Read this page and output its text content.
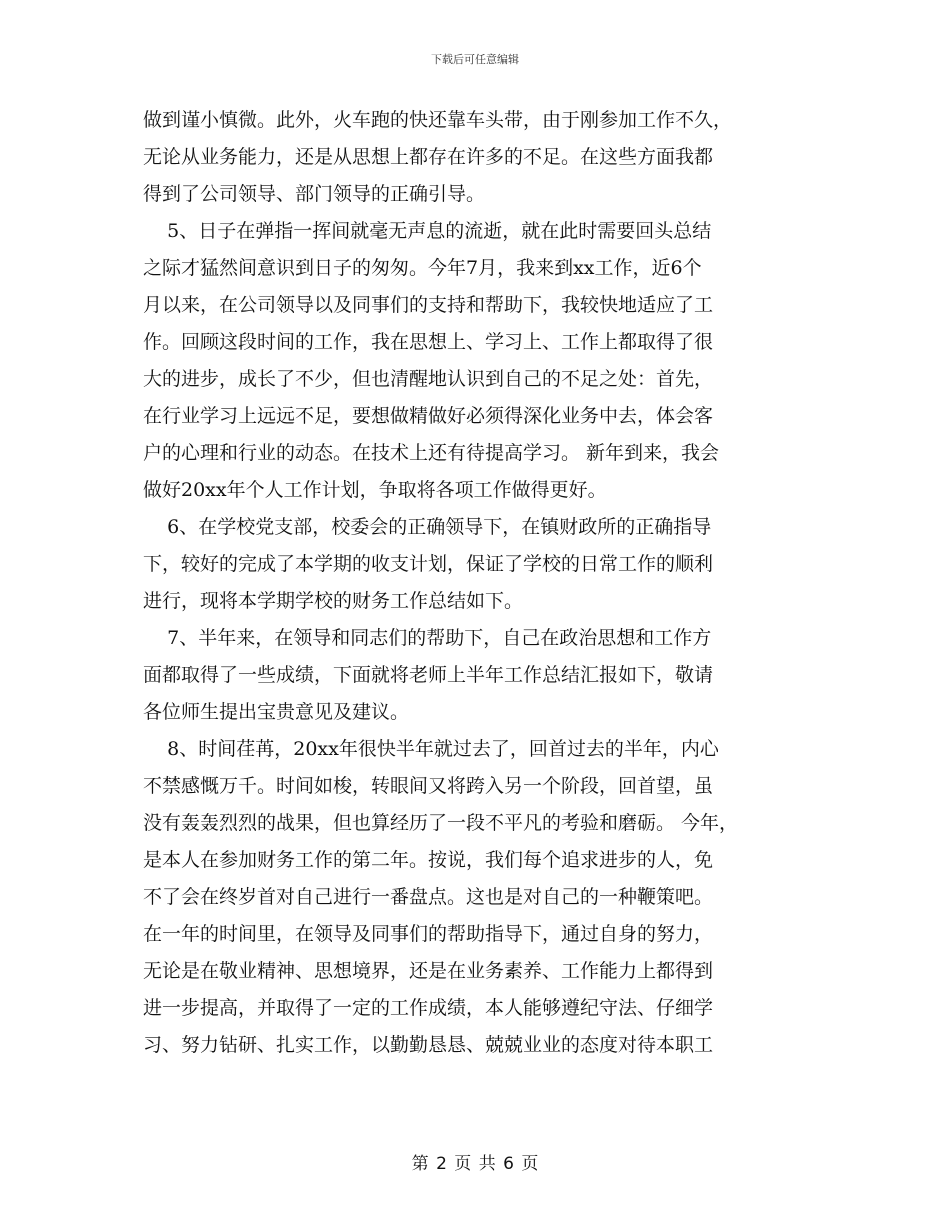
下载后可任意编辑
做到谨小慎微。此外，火车跑的快还靠车头带，由于刚参加工作不久，
无论从业务能力，还是从思想上都存在许多的不足。在这些方面我都
得到了公司领导、部门领导的正确引导。
5、日子在弹指一挥间就毫无声息的流逝，就在此时需要回头总结
之际才猛然间意识到日子的匆匆。今年7月，我来到xx工作，近6个
月以来，在公司领导以及同事们的支持和帮助下，我较快地适应了工
作。回顾这段时间的工作，我在思想上、学习上、工作上都取得了很
大的进步，成长了不少，但也清醒地认识到自己的不足之处：首先，
在行业学习上远远不足，要想做精做好必须得深化业务中去，体会客
户的心理和行业的动态。在技术上还有待提高学习。 新年到来，我会
做好20xx年个人工作计划，争取将各项工作做得更好。
6、在学校党支部，校委会的正确领导下，在镇财政所的正确指导
下，较好的完成了本学期的收支计划，保证了学校的日常工作的顺利
进行，现将本学期学校的财务工作总结如下。
7、半年来，在领导和同志们的帮助下，自己在政治思想和工作方
面都取得了一些成绩，下面就将老师上半年工作总结汇报如下，敬请
各位师生提出宝贵意见及建议。
8、时间荏苒，20xx年很快半年就过去了，回首过去的半年，内心
不禁感慨万千。时间如梭，转眼间又将跨入另一个阶段，回首望，虽
没有轰轰烈烈的战果，但也算经历了一段不平凡的考验和磨砺。 今年，
是本人在参加财务工作的第二年。按说，我们每个追求进步的人，免
不了会在终岁首对自己进行一番盘点。这也是对自己的一种鞭策吧。
在一年的时间里，在领导及同事们的帮助指导下，通过自身的努力，
无论是在敬业精神、思想境界，还是在业务素养、工作能力上都得到
进一步提高，并取得了一定的工作成绩，本人能够遵纪守法、仔细学
习、努力钻研、扎实工作，以勤勤恳恳、兢兢业业的态度对待本职工
第 2 页 共 6 页
